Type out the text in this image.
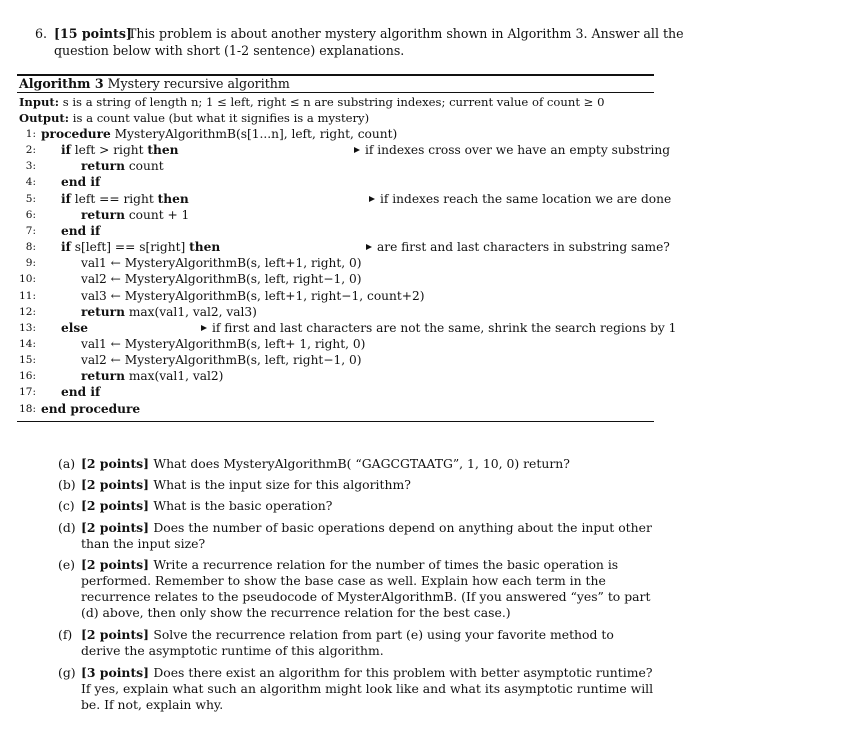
6. [15 points]
This problem is about another mystery algorithm shown in Algorithm 3. Answer all the
question below with short (1-2 sentence) explanations.
Algorithm 3 Mystery recursive algorithm
Input: s is a string of length n; 1 ≤ left, right ≤ n are substring indexes; current value of count ≥ 0
Output: is a count value (but what it signifies is a mystery)
1: procedure MysteryAlgorithmB(s[1...n], left, right, count)
2: if left > right then	if indexes cross over we have an empty substring
3:	return count
4: end if
5: if left == right then	if indexes reach the same location we are done
6:	return count + 1
7: end if
8: if s[left] == s[right] then	are first and last characters in substring same?
9:	val1 ← MysteryAlgorithmB(s, left+1, right, 0)
10:	val2 ← MysteryAlgorithmB(s, left, right−1, 0)
11:	val3 ← MysteryAlgorithmB(s, left+1, right−1, count+2)
12:	return max(val1, val2, val3)
13: else	if first and last characters are not the same, shrink the search regions by 1
14:	val1 ← MysteryAlgorithmB(s, left+ 1, right, 0)
15:	val2 ← MysteryAlgorithmB(s, left, right−1, 0)
16:	return max(val1, val2)
17: end if
18: end procedure
(a) [2 points] What does MysteryAlgorithmB( “GAGCGTAATG”, 1, 10, 0) return?
(b) [2 points] What is the input size for this algorithm?
(c) [2 points] What is the basic operation?
(d) [2 points] Does the number of basic operations depend on anything about the input other than the input size?
(e) [2 points] Write a recurrence relation for the number of times the basic operation is performed. Remember to show the base case as well. Explain how each term in the recurrence relates to the pseudocode of MysterAlgorithmB. (If you answered “yes” to part (d) above, then only show the recurrence relation for the best case.)
(f) [2 points] Solve the recurrence relation from part (e) using your favorite method to derive the asymptotic runtime of this algorithm.
(g) [3 points] Does there exist an algorithm for this problem with better asymptotic runtime? If yes, explain what such an algorithm might look like and what its asymptotic runtime will be. If not, explain why.
